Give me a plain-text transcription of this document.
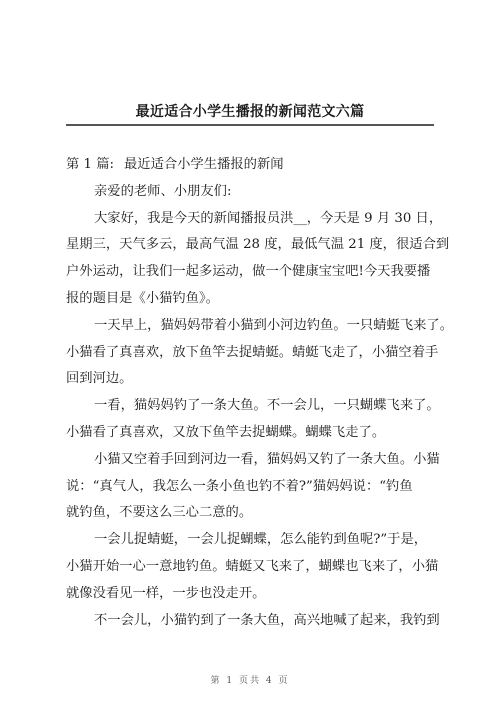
最近适合小学生播报的新闻范文六篇
第 1 篇: 最近适合小学生播报的新闻
亲爱的老师、小朋友们:
大家好，我是今天的新闻播报员洪__，今天是 9 月 30 日，
星期三，天气多云，最高气温 28 度，最低气温 21 度，很适合到
户外运动，让我们一起多运动，做一个健康宝宝吧!今天我要播
报的题目是《小猫钓鱼》。
一天早上，猫妈妈带着小猫到小河边钓鱼。一只蜻蜓飞来了。
小猫看了真喜欢，放下鱼竿去捉蜻蜓。蜻蜓飞走了，小猫空着手
回到河边。
一看，猫妈妈钓了一条大鱼。不一会儿，一只蝴蝶飞来了。
小猫看了真喜欢，又放下鱼竿去捉蝴蝶。蝴蝶飞走了。
小猫又空着手回到河边一看，猫妈妈又钓了一条大鱼。小猫
说：“真气人，我怎么一条小鱼也钓不着?”猫妈妈说：“钓鱼
就钓鱼，不要这么三心二意的。
一会儿捉蜻蜓，一会儿捉蝴蝶，怎么能钓到鱼呢?”于是，
小猫开始一心一意地钓鱼。蜻蜓又飞来了，蝴蝶也飞来了，小猫
就像没看见一样，一步也没走开。
不一会儿，小猫钓到了一条大鱼，高兴地喊了起来，我钓到
第 1 页共 4 页
